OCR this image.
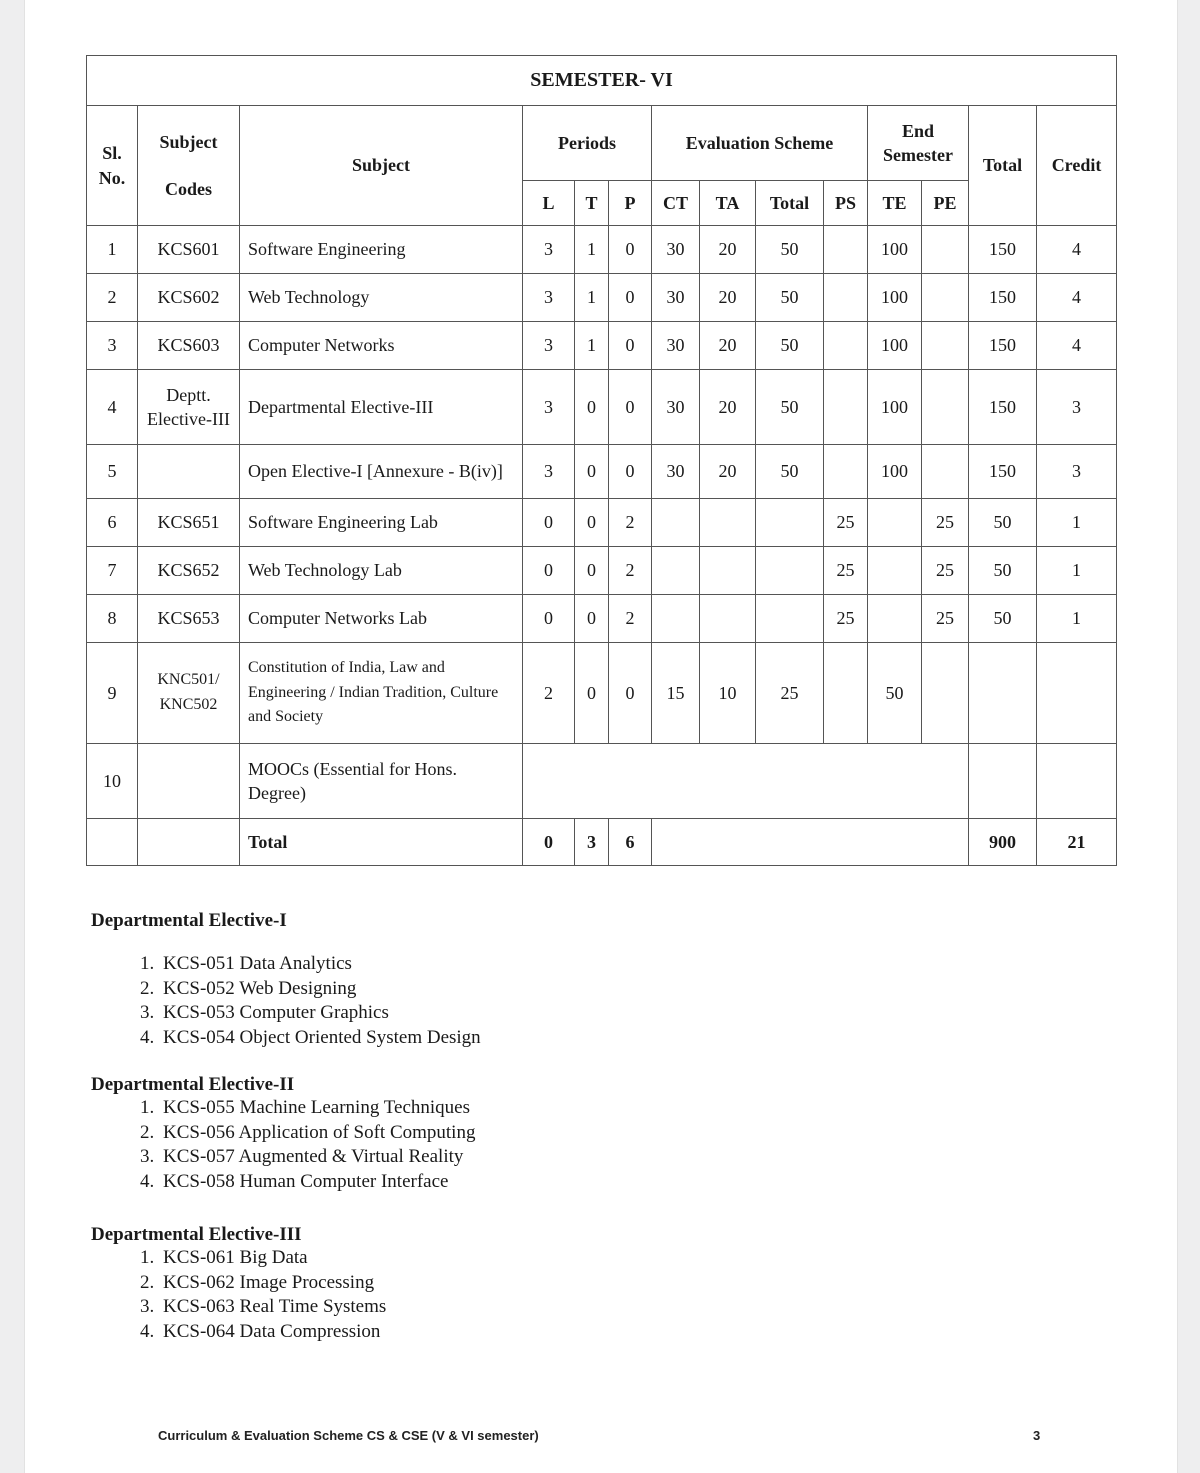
SEMESTER- VI													
Sl. No.	Subject Codes	Subject	Periods			Evaluation Scheme				End Semester		Total	Credit
			L	T	P	CT	TA	Total	PS	TE	PE		
1	KCS601	Software Engineering	3	1	0	30	20	50		100		150	4
2	KCS602	Web Technology	3	1	0	30	20	50		100		150	4
3	KCS603	Computer Networks	3	1	0	30	20	50		100		150	4
4	Deptt. Elective-III	Departmental Elective-III	3	0	0	30	20	50		100		150	3
5		Open Elective-I [Annexure - B(iv)]	3	0	0	30	20	50		100		150	3
6	KCS651	Software Engineering Lab	0	0	2				25		25	50	1
7	KCS652	Web Technology Lab	0	0	2				25		25	50	1
8	KCS653	Computer Networks Lab	0	0	2				25		25	50	1
9	KNC501/ KNC502	Constitution of India, Law and Engineering / Indian Tradition, Culture and Society	2	0	0	15	10	25		50			
10		MOOCs (Essential for Hons. Degree)											
		Total	0	3	6							900	21
Departmental Elective-I
1. KCS-051 Data Analytics
2. KCS-052 Web Designing
3. KCS-053 Computer Graphics
4. KCS-054 Object Oriented System Design
Departmental Elective-II
1. KCS-055 Machine Learning Techniques
2. KCS-056 Application of Soft Computing
3. KCS-057 Augmented & Virtual Reality
4. KCS-058 Human Computer Interface
Departmental Elective-III
1. KCS-061 Big Data
2. KCS-062 Image Processing
3. KCS-063 Real Time Systems
4. KCS-064 Data Compression
Curriculum & Evaluation Scheme CS & CSE (V & VI semester)	3
